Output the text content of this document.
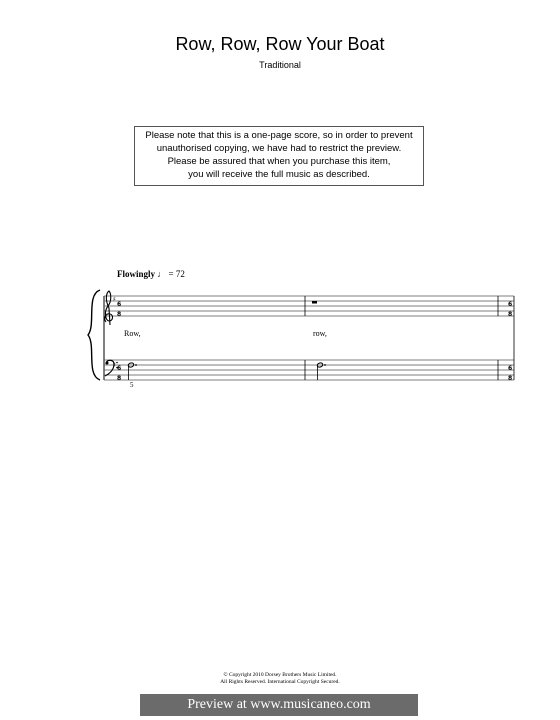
Row, Row, Row Your Boat
Traditional
Please note that this is a one-page score, so in order to prevent
unauthorised copying, we have had to restrict the preview.
Please be assured that when you purchase this item,
you will receive the full music as described.
Flowingly ♩ = 72
♯
♯
6
8
6
8
6
8
6
8
Row,	row,
5
© Copyright 2010 Dorsey Brothers Music Limited.
All Rights Reserved. International Copyright Secured.
Preview at www.musicaneo.com
